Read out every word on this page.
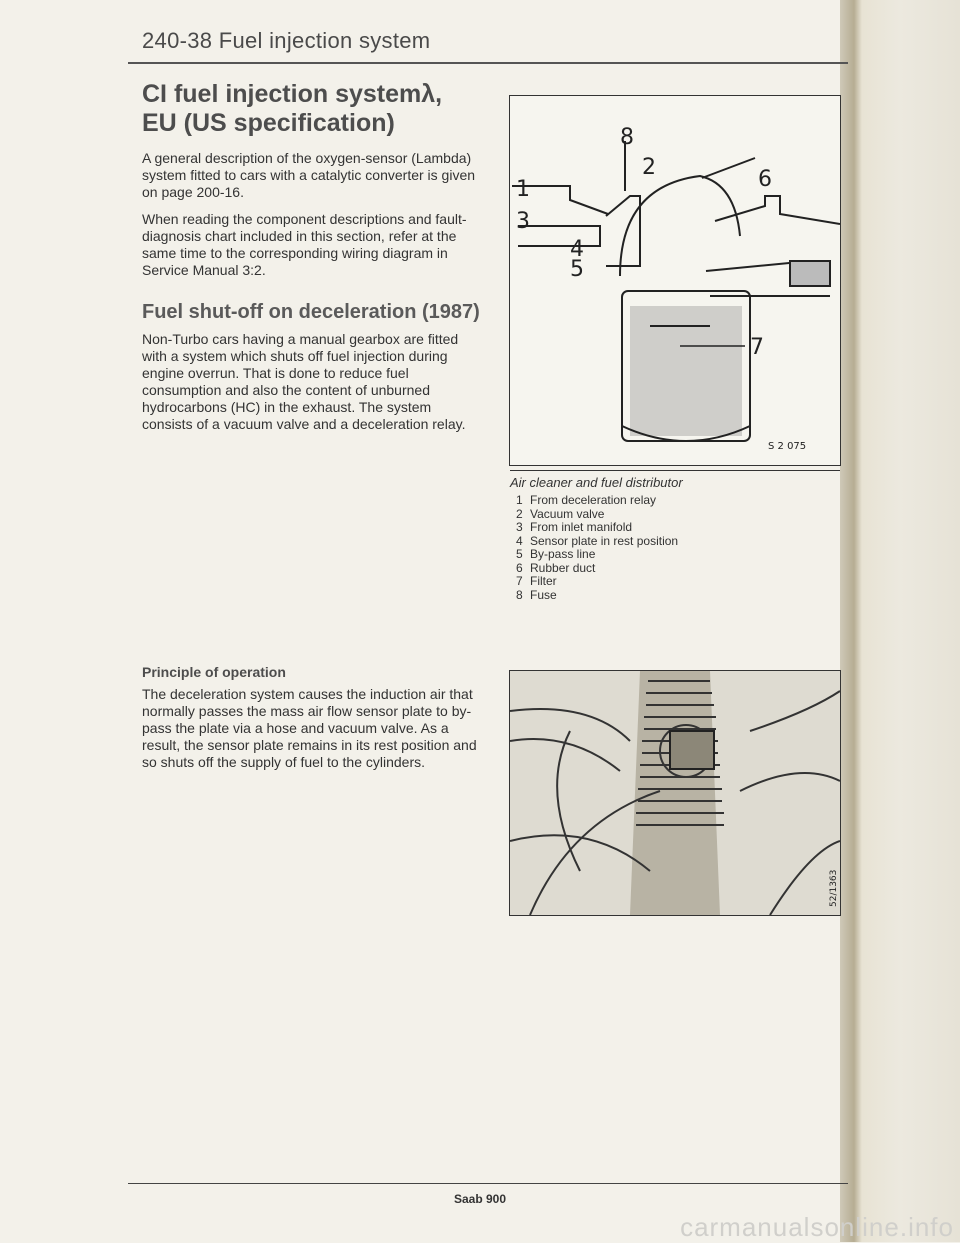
240-38 Fuel injection system
CI fuel injection systemλ, EU (US specification)

A general description of the oxygen-sensor (Lambda) system fitted to cars with a catalytic converter is given on page 200-16.

When reading the component descriptions and fault-diagnosis chart included in this section, refer at the same time to the corresponding wiring diagram in Service Manual 3:2.

Fuel shut-off on deceleration (1987)

Non-Turbo cars having a manual gearbox are fitted with a system which shuts off fuel injection during engine overrun. That is done to reduce fuel consumption and also the content of unburned hydrocarbons (HC) in the exhaust. The system consists of a vacuum valve and a deceleration relay.

Principle of operation

The deceleration system causes the induction air that normally passes the mass air flow sensor plate to by-pass the plate via a hose and vacuum valve. As a result, the sensor plate remains in its rest position and so shuts off the supply of fuel to the cylinders.

8
2
1
3
4
5
6
7
S 2 075
Air cleaner and fuel distributor
1 From deceleration relay
2 Vacuum valve
3 From inlet manifold
4 Sensor plate in rest position
5 By-pass line
6 Rubber duct
7 Filter
8 Fuse
52/1363
Saab 900
carmanualsonline.info
